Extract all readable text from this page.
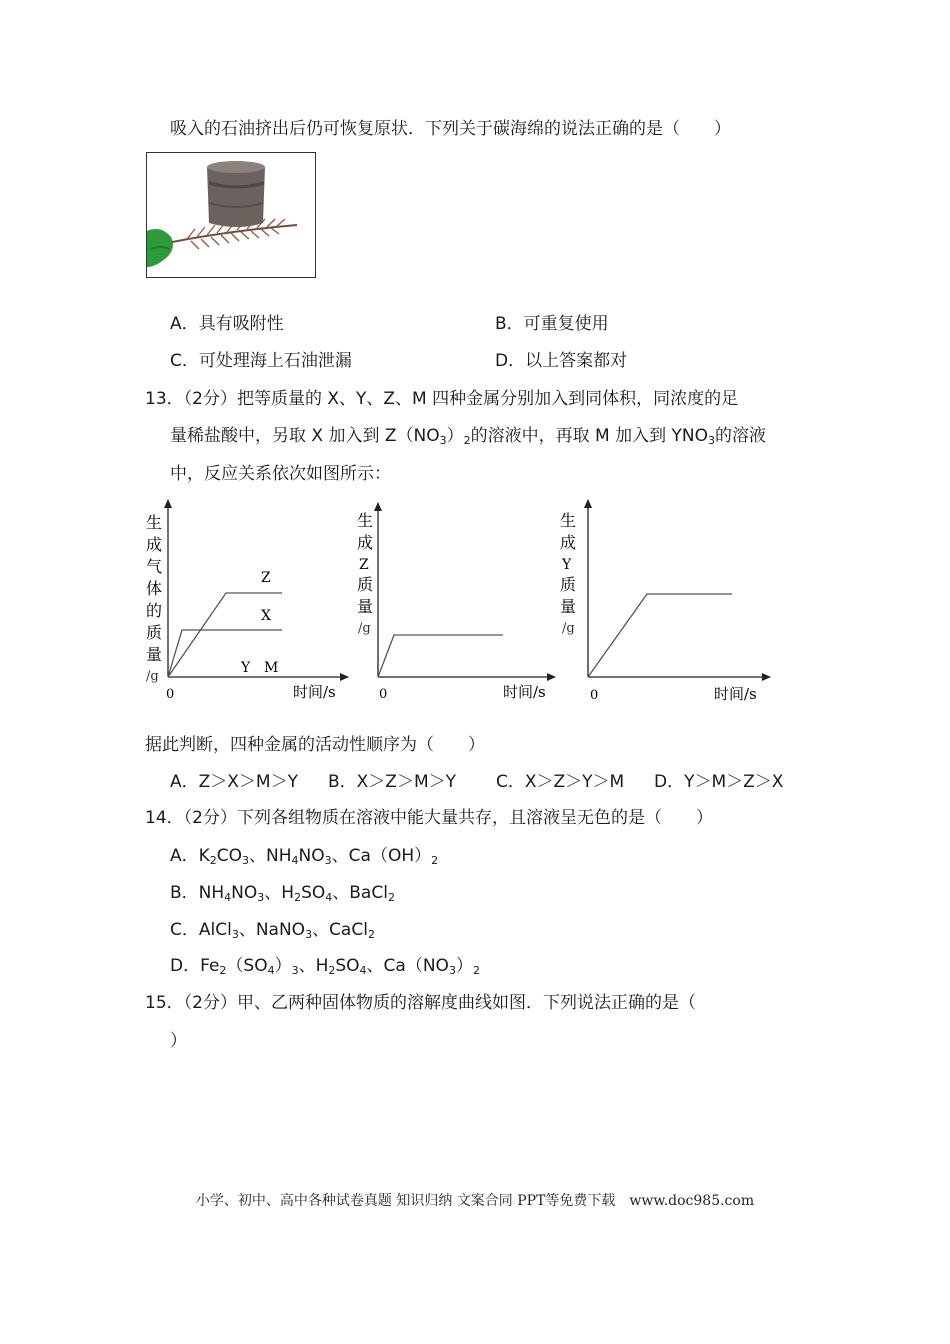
吸入的石油挤出后仍可恢复原状．下列关于碳海绵的说法正确的是（　　）
A．具有吸附性	B．可重复使用
C．可处理海上石油泄漏	D．以上答案都对
13．（2分）把等质量的 X、Y、Z、M 四种金属分别加入到同体积，同浓度的足
量稀盐酸中，另取 X 加入到 $Z(NO_3)_2$的溶液中，再取 M 加入到 $YNO_3$的溶液
中，反应关系依次如图所示：
生
成
气
体
的
质
量
/g
0	时间/s
Z
X
Y M
生
成
Z
质
量
/g
0	时间/s
生
成
Y
质
量
/g
0	时间/s
据此判断，四种金属的活动性顺序为（　　）
A．Z＞X＞M＞Y B．X＞Z＞M＞Y C．X＞Z＞Y＞M D．Y＞M＞Z＞X
14．（2分）下列各组物质在溶液中能大量共存，且溶液呈无色的是（　　）
A．$K_2CO_3$、$NH_4NO_3$、$Ca(OH)_2$
B．$NH_4NO_3$、$H_2SO_4$、BaCl$_2$
C．AlCl$_3$、NaNO$_3$、CaCl$_2$
D．$Fe_2(SO_4)_3$、$H_2SO_4$、$Ca(NO_3)_2$
15．（2分）甲、乙两种固体物质的溶解度曲线如图．下列说法正确的是（
）
小学、初中、高中各种试卷真题 知识归纳 文案合同 PPT等免费下载　www.doc985.com
